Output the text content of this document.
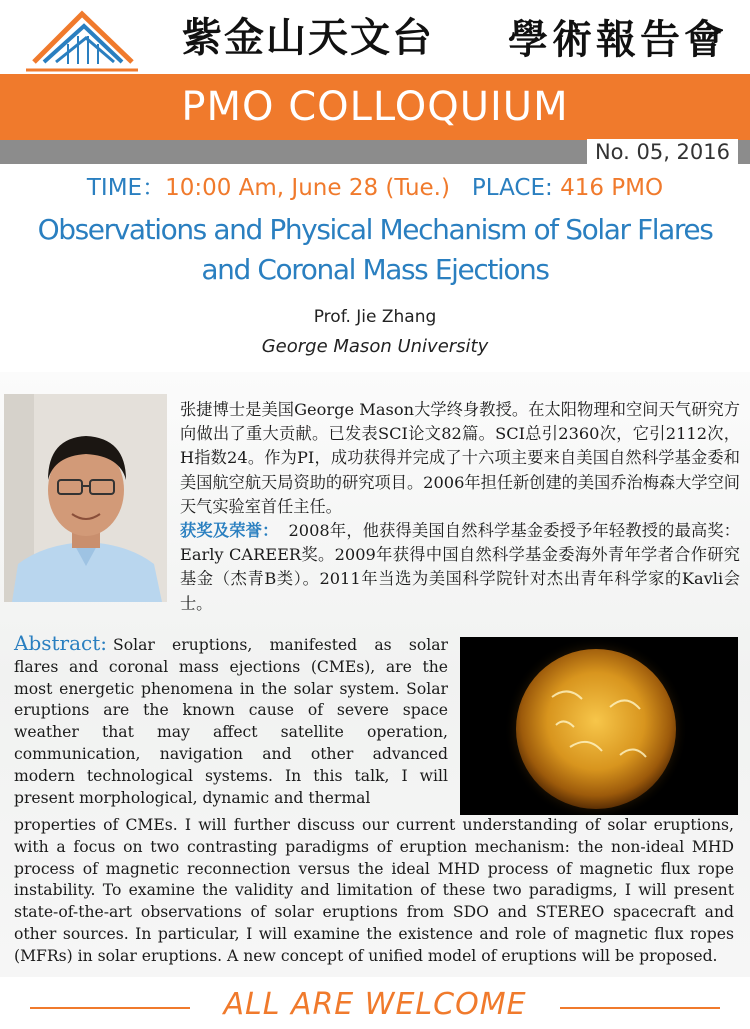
紫金山天文台	學術報告會
PMO COLLOQUIUM
No. 05, 2016
TIME：10:00 Am, June 28 (Tue.) PLACE: 416 PMO
Observations and Physical Mechanism of Solar Flares and Coronal Mass Ejections
Prof. Jie Zhang
George Mason University
张捷博士是美国George Mason大学终身教授。在太阳物理和空间天气研究方向做出了重大贡献。已发表SCI论文82篇。SCI总引2360次，它引2112次，H指数24。作为PI，成功获得并完成了十六项主要来自美国自然科学基金委和美国航空航天局资助的研究项目。2006年担任新创建的美国乔治梅森大学空间天气实验室首任主任。
获奖及荣誉： 2008年，他获得美国自然科学基金委授予年轻教授的最高奖：Early CAREER奖。2009年获得中国自然科学基金委海外青年学者合作研究基金（杰青B类）。2011年当选为美国科学院针对杰出青年科学家的Kavli会士。
Abstract: Solar eruptions, manifested as solar flares and coronal mass ejections (CMEs), are the most energetic phenomena in the solar system. Solar eruptions are the known cause of severe space weather that may affect satellite operation, communication, navigation and other advanced modern technological systems. In this talk, I will present morphological, dynamic and thermal
properties of CMEs. I will further discuss our current understanding of solar eruptions, with a focus on two contrasting paradigms of eruption mechanism: the non-ideal MHD process of magnetic reconnection versus the ideal MHD process of magnetic flux rope instability. To examine the validity and limitation of these two paradigms, I will present state-of-the-art observations of solar eruptions from SDO and STEREO spacecraft and other sources. In particular, I will examine the existence and role of magnetic flux ropes (MFRs) in solar eruptions. A new concept of unified model of eruptions will be proposed.
ALL ARE WELCOME
